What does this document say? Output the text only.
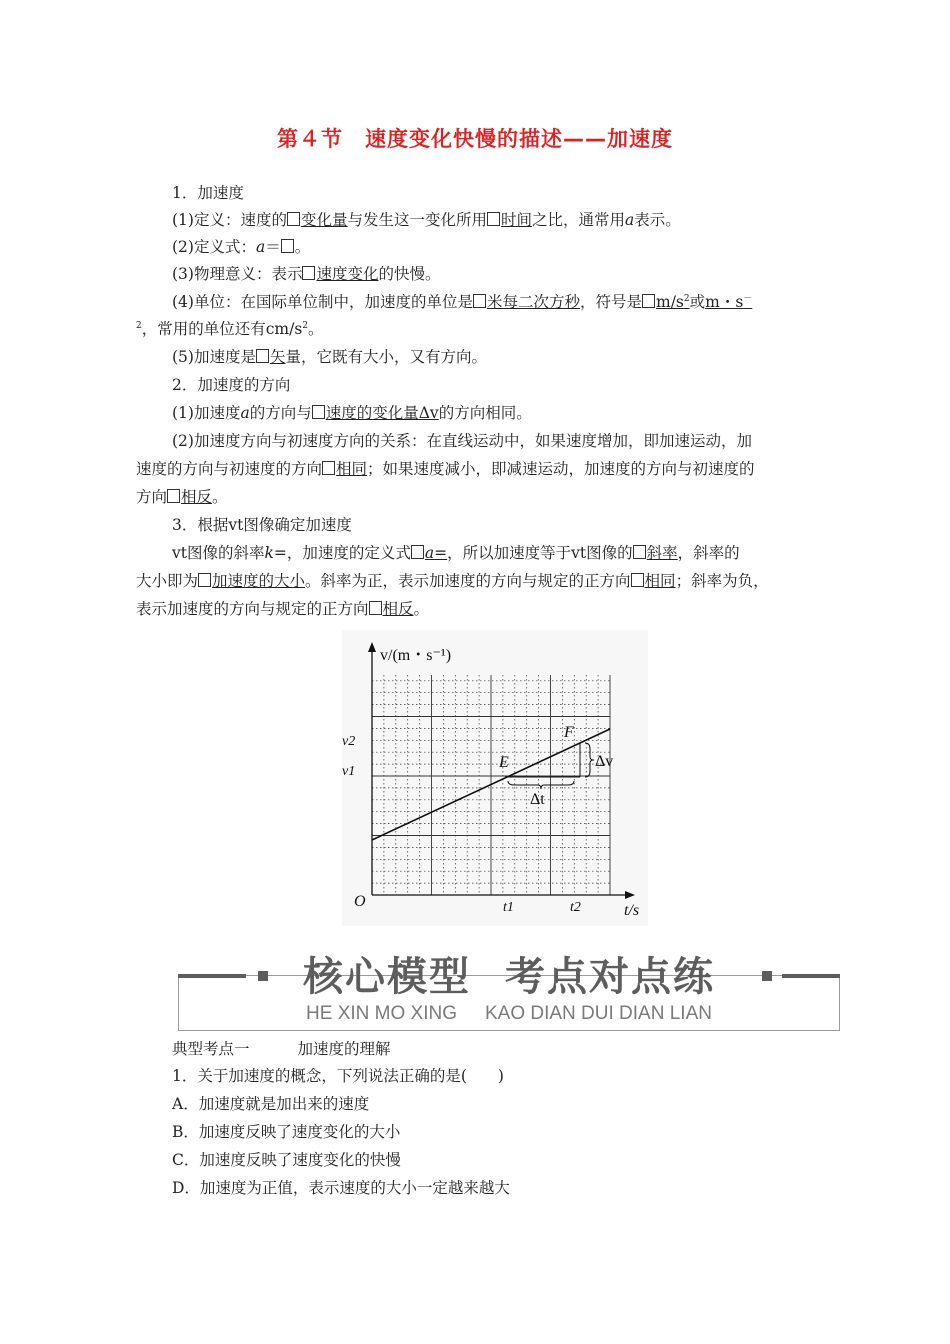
第４节　速度变化快慢的描述——加速度
1．加速度
(1)定义：速度的 变化量与发生这一变化所用 时间之比，通常用a表示。
(2)定义式：a＝ 。
(3)物理意义：表示 速度变化的快慢。
(4)单位：在国际单位制中，加速度的单位是 米每二次方秒，符号是 $m/s^2$或m・s－
$^2$，常用的单位还有$cm/s^2$。
(5)加速度是 矢量，它既有大小，又有方向。
2．加速度的方向
(1)加速度a的方向与 速度的变化量Δv的方向相同。
(2)加速度方向与初速度方向的关系：在直线运动中，如果速度增加，即加速运动，加
速度的方向与初速度的方向 相同；如果速度减小，即减速运动，加速度的方向与初速度的
方向 相反。
3．根据vt图像确定加速度
vt图像的斜率k=，加速度的定义式 a=，所以加速度等于vt图像的 斜率，斜率的
大小即为 加速度的大小。斜率为正，表示加速度的方向与规定的正方向 相同；斜率为负，
表示加速度的方向与规定的正方向 相反。
v/(m・s⁻¹)
t/s
O
v2
v1
t1	t2
E
F
Δv
Δt
核心模型 考点对点练
HE XIN MO XING KAO DIAN DUI DIAN LIAN
典型考点一	加速度的理解
1．关于加速度的概念，下列说法正确的是(　　)
A．加速度就是加出来的速度
B．加速度反映了速度变化的大小
C．加速度反映了速度变化的快慢
D．加速度为正值，表示速度的大小一定越来越大
